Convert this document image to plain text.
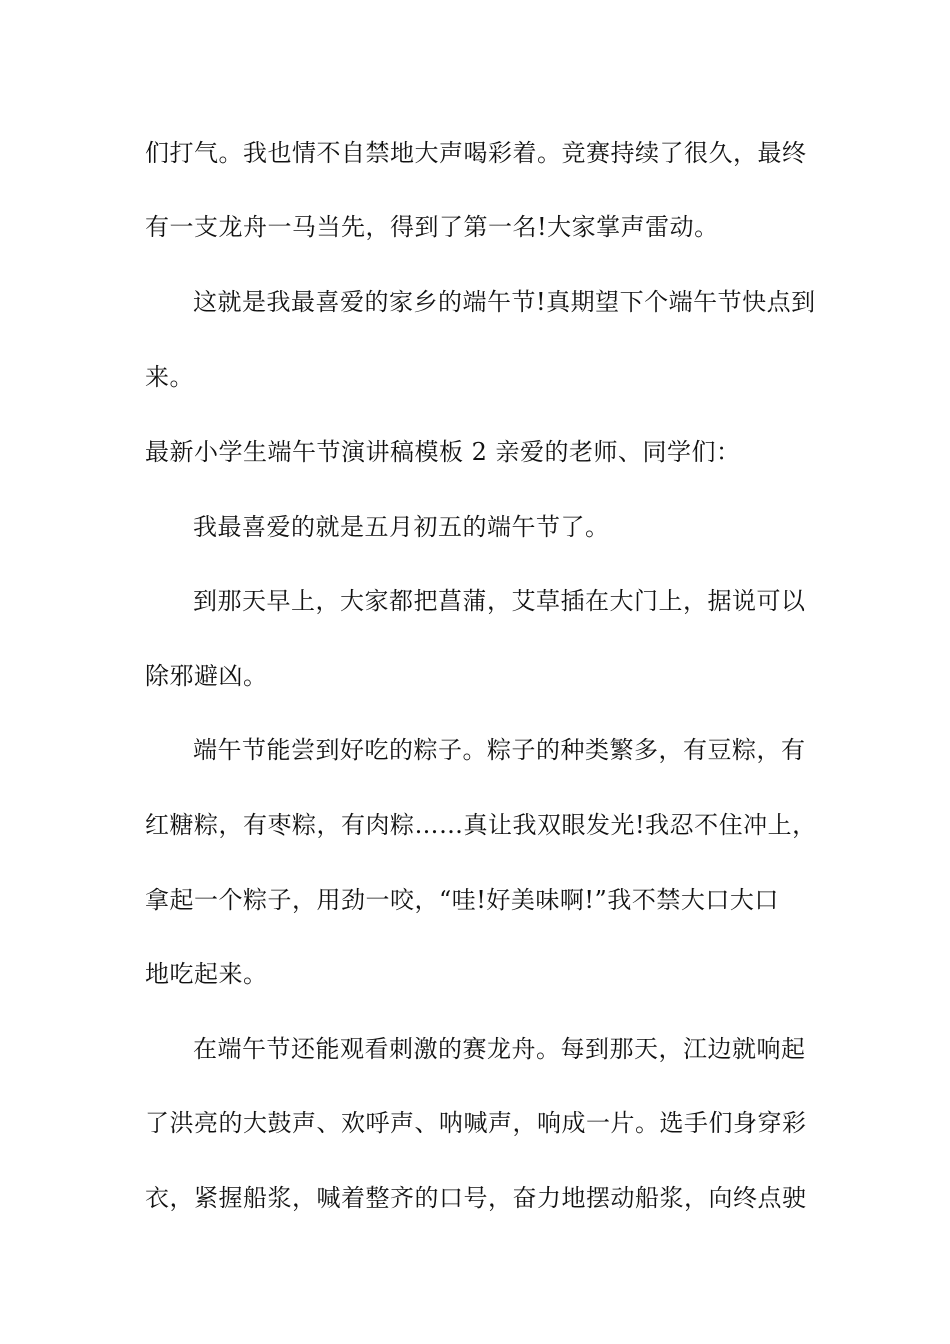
们打气。我也情不自禁地大声喝彩着。竞赛持续了很久，最终
有一支龙舟一马当先，得到了第一名!大家掌声雷动。
这就是我最喜爱的家乡的端午节!真期望下个端午节快点到
来。
最新小学生端午节演讲稿模板 2 亲爱的老师、同学们：
我最喜爱的就是五月初五的端午节了。
到那天早上，大家都把菖蒲，艾草插在大门上，据说可以
除邪避凶。
端午节能尝到好吃的粽子。粽子的种类繁多，有豆粽，有
红糖粽，有枣粽，有肉粽……真让我双眼发光!我忍不住冲上，
拿起一个粽子，用劲一咬，“哇!好美味啊!”我不禁大口大口
地吃起来。
在端午节还能观看刺激的赛龙舟。每到那天，江边就响起
了洪亮的大鼓声、欢呼声、呐喊声，响成一片。选手们身穿彩
衣，紧握船浆，喊着整齐的口号，奋力地摆动船浆，向终点驶
